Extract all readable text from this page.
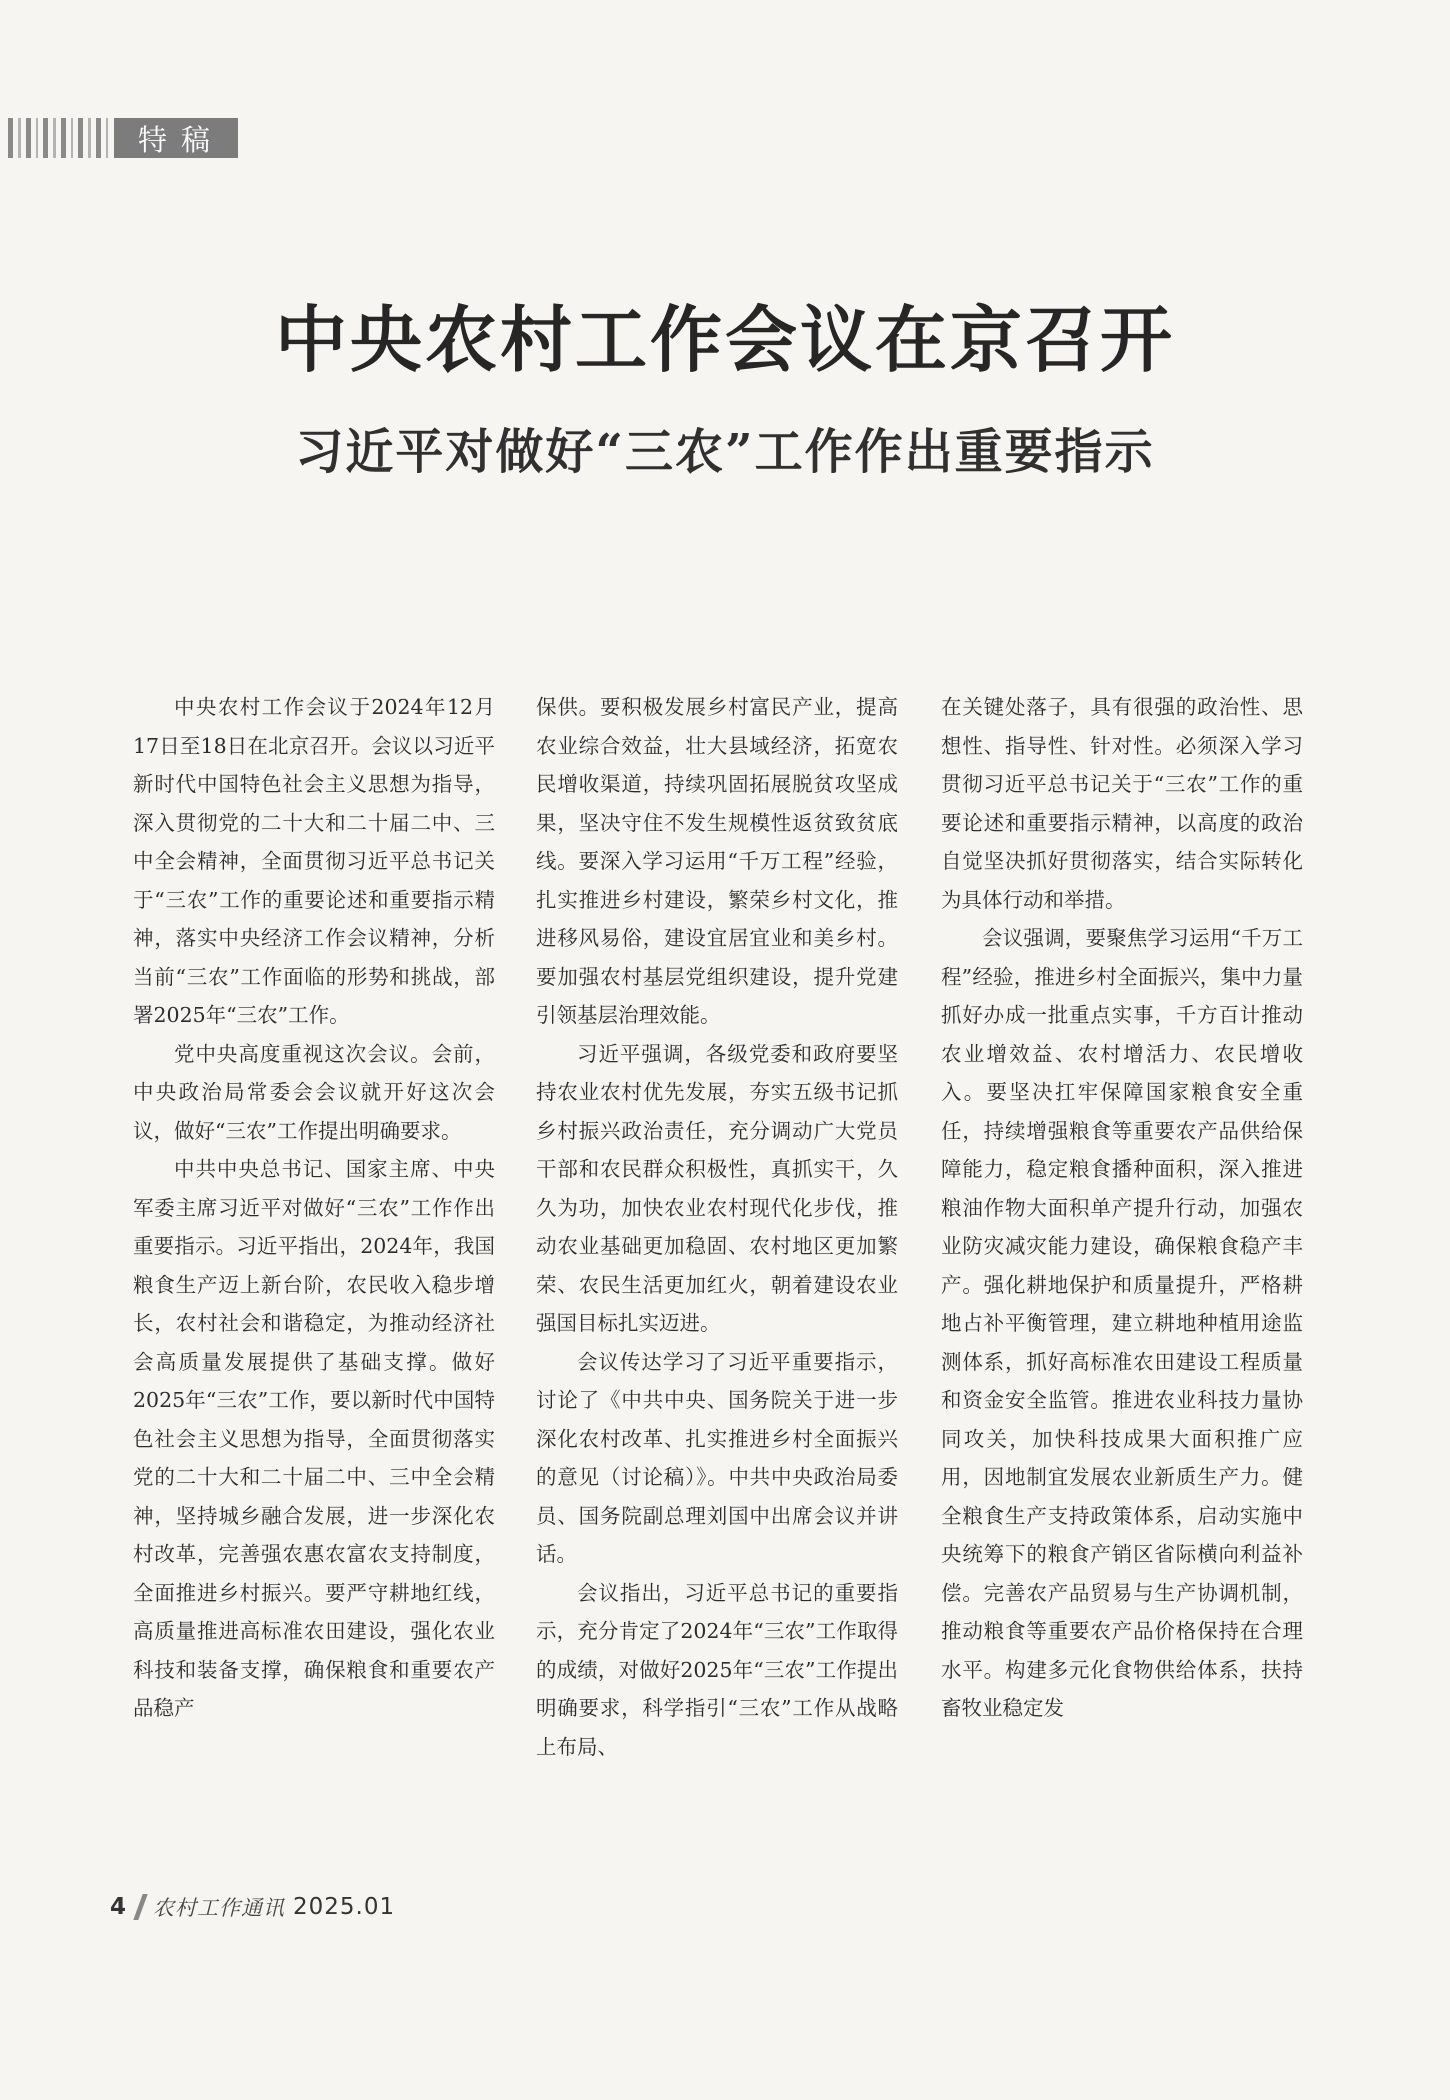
特稿
中央农村工作会议在京召开
习近平对做好“三农”工作作出重要指示

中央农村工作会议于2024年12月17日至18日在北京召开。会议以习近平新时代中国特色社会主义思想为指导，深入贯彻党的二十大和二十届二中、三中全会精神，全面贯彻习近平总书记关于“三农”工作的重要论述和重要指示精神，落实中央经济工作会议精神，分析当前“三农”工作面临的形势和挑战，部署2025年“三农”工作。

党中央高度重视这次会议。会前，中央政治局常委会会议就开好这次会议，做好“三农”工作提出明确要求。

中共中央总书记、国家主席、中央军委主席习近平对做好“三农”工作作出重要指示。习近平指出，2024年，我国粮食生产迈上新台阶，农民收入稳步增长，农村社会和谐稳定，为推动经济社会高质量发展提供了基础支撑。做好2025年“三农”工作，要以新时代中国特色社会主义思想为指导，全面贯彻落实党的二十大和二十届二中、三中全会精神，坚持城乡融合发展，进一步深化农村改革，完善强农惠农富农支持制度，全面推进乡村振兴。要严守耕地红线，高质量推进高标准农田建设，强化农业科技和装备支撑，确保粮食和重要农产品稳产

保供。要积极发展乡村富民产业，提高农业综合效益，壮大县域经济，拓宽农民增收渠道，持续巩固拓展脱贫攻坚成果，坚决守住不发生规模性返贫致贫底线。要深入学习运用“千万工程”经验，扎实推进乡村建设，繁荣乡村文化，推进移风易俗，建设宜居宜业和美乡村。要加强农村基层党组织建设，提升党建引领基层治理效能。

习近平强调，各级党委和政府要坚持农业农村优先发展，夯实五级书记抓乡村振兴政治责任，充分调动广大党员干部和农民群众积极性，真抓实干，久久为功，加快农业农村现代化步伐，推动农业基础更加稳固、农村地区更加繁荣、农民生活更加红火，朝着建设农业强国目标扎实迈进。

会议传达学习了习近平重要指示，讨论了《中共中央、国务院关于进一步深化农村改革、扎实推进乡村全面振兴的意见（讨论稿）》。中共中央政治局委员、国务院副总理刘国中出席会议并讲话。

会议指出，习近平总书记的重要指示，充分肯定了2024年“三农”工作取得的成绩，对做好2025年“三农”工作提出明确要求，科学指引“三农”工作从战略上布局、

在关键处落子，具有很强的政治性、思想性、指导性、针对性。必须深入学习贯彻习近平总书记关于“三农”工作的重要论述和重要指示精神，以高度的政治自觉坚决抓好贯彻落实，结合实际转化为具体行动和举措。

会议强调，要聚焦学习运用“千万工程”经验，推进乡村全面振兴，集中力量抓好办成一批重点实事，千方百计推动农业增效益、农村增活力、农民增收入。要坚决扛牢保障国家粮食安全重任，持续增强粮食等重要农产品供给保障能力，稳定粮食播种面积，深入推进粮油作物大面积单产提升行动，加强农业防灾减灾能力建设，确保粮食稳产丰产。强化耕地保护和质量提升，严格耕地占补平衡管理，建立耕地种植用途监测体系，抓好高标准农田建设工程质量和资金安全监管。推进农业科技力量协同攻关，加快科技成果大面积推广应用，因地制宜发展农业新质生产力。健全粮食生产支持政策体系，启动实施中央统筹下的粮食产销区省际横向利益补偿。完善农产品贸易与生产协调机制，推动粮食等重要农产品价格保持在合理水平。构建多元化食物供给体系，扶持畜牧业稳定发

4 农村工作通讯 2025.01
